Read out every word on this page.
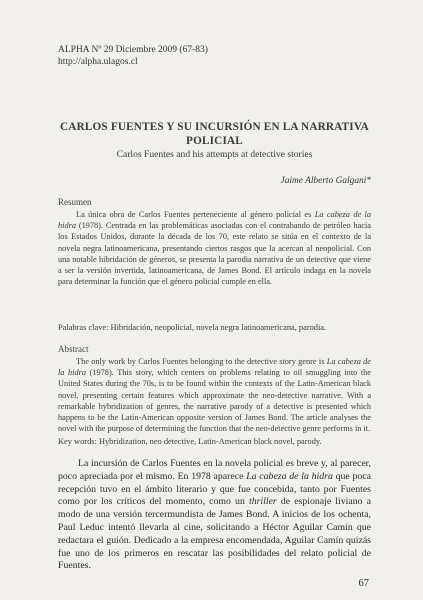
ALPHA Nº 29 Diciembre 2009 (67-83)
http://alpha.ulagos.cl
CARLOS FUENTES Y SU INCURSIÓN EN LA NARRATIVA POLICIAL
Carlos Fuentes and his attempts at detective stories
Jaime Alberto Galgani*
Resumen

La única obra de Carlos Fuentes perteneciente al género policial es La cabeza de la hidra (1978). Centrada en las problemáticas asociadas con el contrabando de petróleo hacia los Estados Unidos, durante la década de los 70, este relato se sitúa en el contexto de la novela negra latinoamericana, presentando ciertos rasgos que la acercan al neopolicial. Con una notable hibridación de géneros, se presenta la parodia narrativa de un detective que viene a ser la versión invertida, latinoamericana, de James Bond. El artículo indaga en la novela para determinar la función que el género policial cumple en ella.

Palabras clave: Hibridación, neopolicial, novela negra latinoamericana, parodia.
Abstract

The only work by Carlos Fuentes belonging to the detective story genre is La cabeza de la hidra (1978). This story, which centers on problems relating to oil smuggling into the United States during the 70s, is to be found within the contexts of the Latin-American black novel, presenting certain features which approximate the neo-detective narrative. With a remarkable hybridization of genres, the narrative parody of a detective is presented which happens to be the Latin-American opposite version of James Bond. The article analyses the novel with the purpose of determining the function that the neo-detective genre performs in it.

Key words: Hybridization, neo detective, Latin-American black novel, parody.

La incursión de Carlos Fuentes en la novela policial es breve y, al parecer, poco apreciada por el mismo. En 1978 aparece La cabeza de la hidra que poca recepción tuvo en el ámbito literario y que fue concebida, tanto por Fuentes como por los críticos del momento, como un thriller de espionaje liviano a modo de una versión tercermundista de James Bond. A inicios de los ochenta, Paul Leduc intentó llevarla al cine, solicitando a Héctor Aguilar Camín que redactara el guión. Dedicado a la empresa encomendada, Aguilar Camín quizás fue uno de los primeros en rescatar las posibilidades del relato policial de Fuentes.

67
